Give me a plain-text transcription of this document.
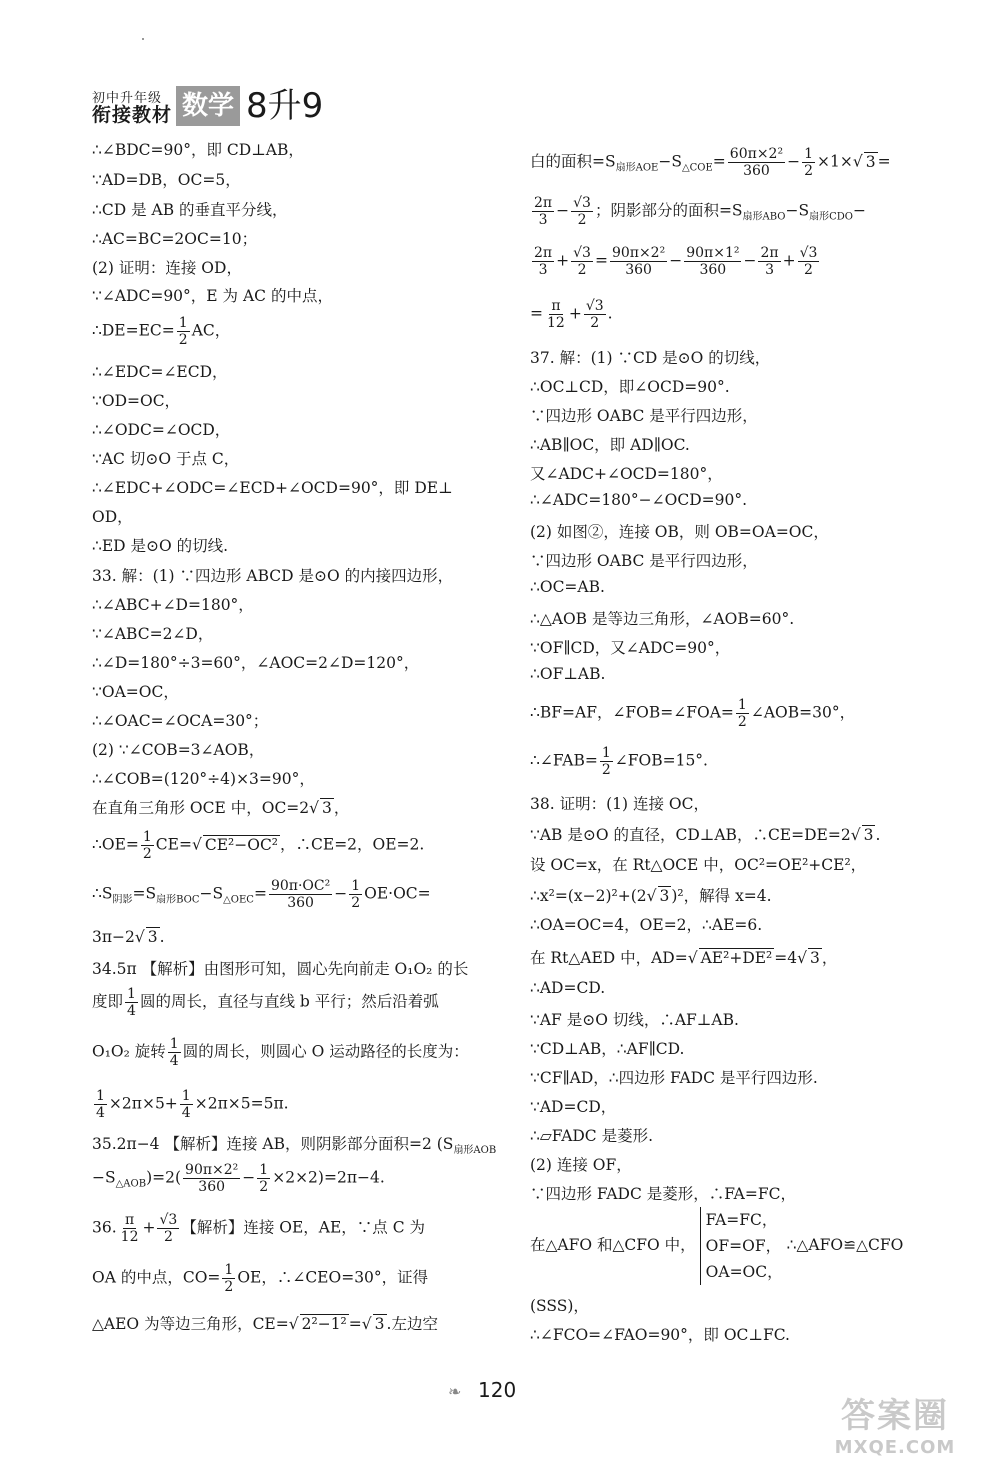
初中升年级
衔接教材 数学 8升9
∴∠BDC=90°，即 CD⊥AB，
∵AD=DB，OC=5，
∴CD 是 AB 的垂直平分线，
∴AC=BC=2OC=10；
(2) 证明：连接 OD，
∵∠ADC=90°，E 为 AC 的中点，
∴DE=EC= $\frac{1}{2}$ AC，
∴∠EDC=∠ECD，
∵OD=OC，
∴∠ODC=∠OCD，
∵AC 切⊙O 于点 C，
∴∠EDC+∠ODC=∠ECD+∠OCD=90°，即 DE⊥
OD，
∴ED 是⊙O 的切线.
33. 解：(1) ∵四边形 ABCD 是⊙O 的内接四边形，
∴∠ABC+∠D=180°，
∵∠ABC=2∠D，
∴∠D=180°÷3=60°，∠AOC=2∠D=120°，
∵OA=OC，
∴∠OAC=∠OCA=30°；
(2) ∵∠COB=3∠AOB，
∴∠COB=(120°÷4)×3=90°，
在直角三角形 OCE 中，OC=2√ 3 ，
∴OE= $\frac{1}{2} CE=√$ CE²−OC² ，∴CE=2，OE=2.
$\therefore S_{阴影}=S_{扇形BOC}-S_{\triangle OEC}= \frac{\text{90π·OC²}}{360} - \frac{1}{2} OE\cdot OC=$
3π−2√ 3 .
34.5π 【解析】由图形可知，圆心先向前走 O₁O₂ 的长
度即 $\frac{1}{4}$ 圆的周长，直径与直线 b 平行；然后沿着弧
O₁O₂ 旋转 $\frac{1}{4}$ 圆的周长，则圆心 O 运动路径的长度为：
$\frac{1}{4} \times 2\pi\times 5+ \frac{1}{4} \times 2\pi\times 5=5\pi$.
35.2π−4 【解析】连接 AB，则阴影部分面积=2 ($S_{扇形AOB}$
$-S_{\triangle AOB})=2( \frac{\text{90π×2²}}{360} - \frac{1}{2} \times 2\times 2)=2\pi-4$.
36. $\frac{\pi}{12} + \frac{√3}{2}$ 【解析】连接 OE，AE，∵点 C 为
OA 的中点，$CO= \frac{1}{2}$ OE，∴∠CEO=30°，证得
△AEO 为等边三角形，CE=√ 2²−1² =√ 3 .左边空
白的面积$=S_{扇形AOE}-S_{\triangle COE}= \frac{\text{60π×2²}}{360} - \frac{1}{2} \times 1\times√$ 3 =
$\frac{2\pi}{3} - \frac{√3}{2}$ ；阴影部分的面积$=S_{扇形ABO}-S_{扇形CDO}-$
$\frac{2\pi}{3} + \frac{√3}{2} = \frac{\text{90π×2²}}{360} - \frac{\text{90π×1²}}{360} - \frac{2\pi}{3} + \frac{√3}{2}$
= $\frac{\pi}{12} + \frac{√3}{2}$ .
37. 解：(1) ∵CD 是⊙O 的切线，
∴OC⊥CD，即∠OCD=90°.
∵四边形 OABC 是平行四边形，
∴AB∥OC，即 AD∥OC.
又∠ADC+∠OCD=180°，
∴∠ADC=180°−∠OCD=90°.
(2) 如图②，连接 OB，则 OB=OA=OC，
∵四边形 OABC 是平行四边形，
∴OC=AB.
∴△AOB 是等边三角形，∠AOB=60°.
∵OF∥CD，又∠ADC=90°，
∴OF⊥AB.
∴BF=AF，∠FOB=∠FOA= $\frac{1}{2}$ ∠AOB=30°，
∴∠FAB= $\frac{1}{2}$ ∠FOB=15°.
38. 证明：(1) 连接 OC，
∵AB 是⊙O 的直径，CD⊥AB，∴CE=DE=2√ 3 .
设 OC=x，在 Rt△OCE 中，OC²=OE²+CE²，
∴x²=(x−2)²+(2√ 3 )²，解得 x=4.
∴OA=OC=4，OE=2，∴AE=6.
在 Rt△AED 中，AD=√ AE²+DE² =4√ 3 ，
∴AD=CD.
∵AF 是⊙O 切线，∴AF⊥AB.
∵CD⊥AB，∴AF∥CD.
∵CF∥AD，∴四边形 FADC 是平行四边形.
∵AD=CD，
∴▱FADC 是菱形.
(2) 连接 OF，
∵四边形 FADC 是菱形，∴FA=FC，
在△AFO 和△CFO 中，
FA=FC，
OF=OF，
OA=OC，
∴△AFO≌△CFO
(SSS)，
∴∠FCO=∠FAO=90°，即 OC⊥FC.
❧ 120
答案圈
MXQE.COM
